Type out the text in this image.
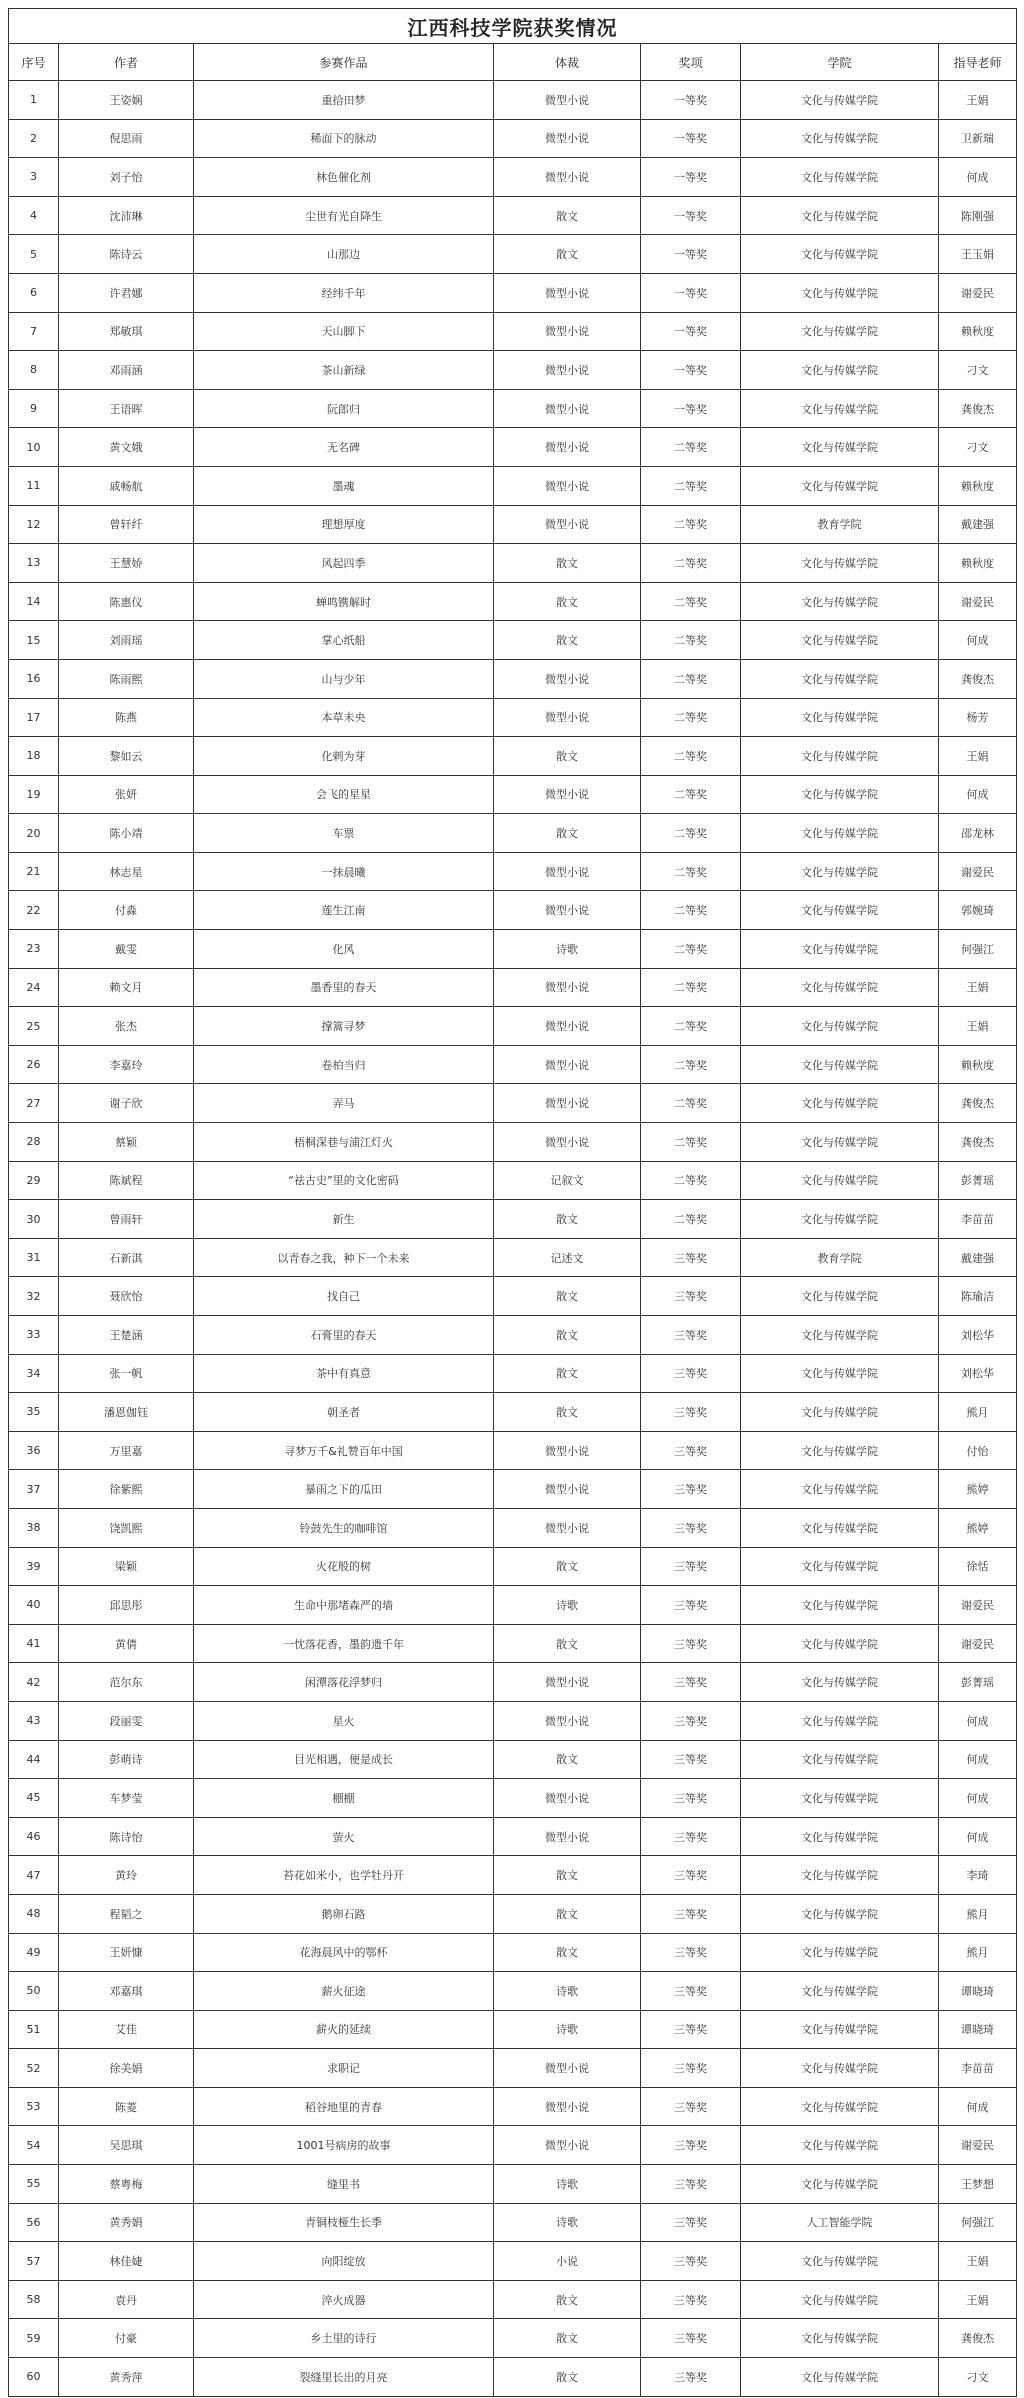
江西科技学院获奖情况						
序号	作者	参赛作品	体裁	奖项	学院	指导老师
1	王姿娴	重拾田梦	微型小说	一等奖	文化与传媒学院	王娟
2	倪思雨	稀面下的脉动	微型小说	一等奖	文化与传媒学院	卫新瑞
3	刘子怡	林色催化剂	微型小说	一等奖	文化与传媒学院	何成
4	沈沛琳	尘世有光自降生	散文	一等奖	文化与传媒学院	陈刚强
5	陈诗云	山那边	散文	一等奖	文化与传媒学院	王玉娟
6	许君娜	经纬千年	微型小说	一等奖	文化与传媒学院	谢爱民
7	郑敏琪	天山脚下	微型小说	一等奖	文化与传媒学院	赖秋度
8	邓雨涵	茶山新绿	微型小说	一等奖	文化与传媒学院	刁文
9	王语晖	阮郎归	微型小说	一等奖	文化与传媒学院	龚俊杰
10	黄文娥	无名碑	微型小说	二等奖	文化与传媒学院	刁文
11	戚畅航	墨魂	微型小说	二等奖	文化与传媒学院	赖秋度
12	曾轩纤	理想厚度	微型小说	二等奖	教育学院	戴建强
13	王慧娇	风起四季	散文	二等奖	文化与传媒学院	赖秋度
14	陈惠仪	蝉鸣镌解时	散文	二等奖	文化与传媒学院	谢爱民
15	刘雨瑶	掌心纸船	散文	二等奖	文化与传媒学院	何成
16	陈雨熙	山与少年	微型小说	二等奖	文化与传媒学院	龚俊杰
17	陈燕	本草未央	微型小说	二等奖	文化与传媒学院	杨芳
18	黎如云	化剌为芽	散文	二等奖	文化与传媒学院	王娟
19	张妍	会飞的星星	微型小说	二等奖	文化与传媒学院	何成
20	陈小靖	车票	散文	二等奖	文化与传媒学院	邵龙林
21	林志星	一抹晨曦	微型小说	二等奖	文化与传媒学院	谢爱民
22	付淼	莲生江南	微型小说	二等奖	文化与传媒学院	郭婉琦
23	戴雯	化风	诗歌	二等奖	文化与传媒学院	何强江
24	赖文月	墨香里的春天	微型小说	二等奖	文化与传媒学院	王娟
25	张杰	撑篙寻梦	微型小说	二等奖	文化与传媒学院	王娟
26	李嘉玲	卷柏当归	微型小说	二等奖	文化与传媒学院	赖秋度
27	谢子欣	弄马	微型小说	二等奖	文化与传媒学院	龚俊杰
28	蔡颖	梧桐深巷与浦江灯火	微型小说	二等奖	文化与传媒学院	龚俊杰
29	陈斌程	“祛古史”里的文化密码	记叙文	二等奖	文化与传媒学院	彭菁瑶
30	曾雨轩	新生	散文	二等奖	文化与传媒学院	李苗苗
31	石新淇	以青春之我，种下一个未来	记述文	三等奖	教育学院	戴建强
32	聂欣怡	找自己	散文	三等奖	文化与传媒学院	陈瑜洁
33	王楚涵	石膏里的春天	散文	三等奖	文化与传媒学院	刘松华
34	张一帆	茶中有真意	散文	三等奖	文化与传媒学院	刘松华
35	潘恩伽钰	朝圣者	散文	三等奖	文化与传媒学院	熊月
36	万里嘉	寻梦万千&礼赞百年中国	微型小说	三等奖	文化与传媒学院	付怡
37	徐紫熙	暴雨之下的瓜田	微型小说	三等奖	文化与传媒学院	熊婷
38	饶凯熙	铃鼓先生的咖啡馆	微型小说	三等奖	文化与传媒学院	熊婷
39	梁颖	火花般的树	散文	三等奖	文化与传媒学院	徐恬
40	邱思彤	生命中那堵森严的墙	诗歌	三等奖	文化与传媒学院	谢爱民
41	黄倩	一忱落花香，墨韵遗千年	散文	三等奖	文化与传媒学院	谢爱民
42	范尔东	闲潭落花浮梦归	微型小说	三等奖	文化与传媒学院	彭菁瑶
43	段丽雯	星火	微型小说	三等奖	文化与传媒学院	何成
44	彭萌诗	目光相遇，便是成长	散文	三等奖	文化与传媒学院	何成
45	车梦莹	棚棚	微型小说	三等奖	文化与传媒学院	何成
46	陈诗怡	萤火	微型小说	三等奖	文化与传媒学院	何成
47	黄玲	苔花如米小，也学牡丹开	散文	三等奖	文化与传媒学院	李琦
48	程韬之	鹅卵石路	散文	三等奖	文化与传媒学院	熊月
49	王妍慷	花海晨风中的鄂杯	散文	三等奖	文化与传媒学院	熊月
50	邓嘉琪	薪火征途	诗歌	三等奖	文化与传媒学院	谭晓琦
51	艾佳	薪火的延续	诗歌	三等奖	文化与传媒学院	谭晓琦
52	徐美娟	求职记	微型小说	三等奖	文化与传媒学院	李苗苗
53	陈菱	稻谷地里的青春	微型小说	三等奖	文化与传媒学院	何成
54	吴思琪	1001号病房的故事	微型小说	三等奖	文化与传媒学院	谢爱民
55	蔡粤梅	缝里书	诗歌	三等奖	文化与传媒学院	王梦想
56	黄秀娟	青铜枝桠生长季	诗歌	三等奖	人工智能学院	何强江
57	林佳婕	向阳绽放	小说	三等奖	文化与传媒学院	王娟
58	袁丹	淬火成器	散文	三等奖	文化与传媒学院	王娟
59	付豪	乡土里的诗行	散文	三等奖	文化与传媒学院	龚俊杰
60	黄秀萍	裂缝里长出的月亮	散文	三等奖	文化与传媒学院	刁文
